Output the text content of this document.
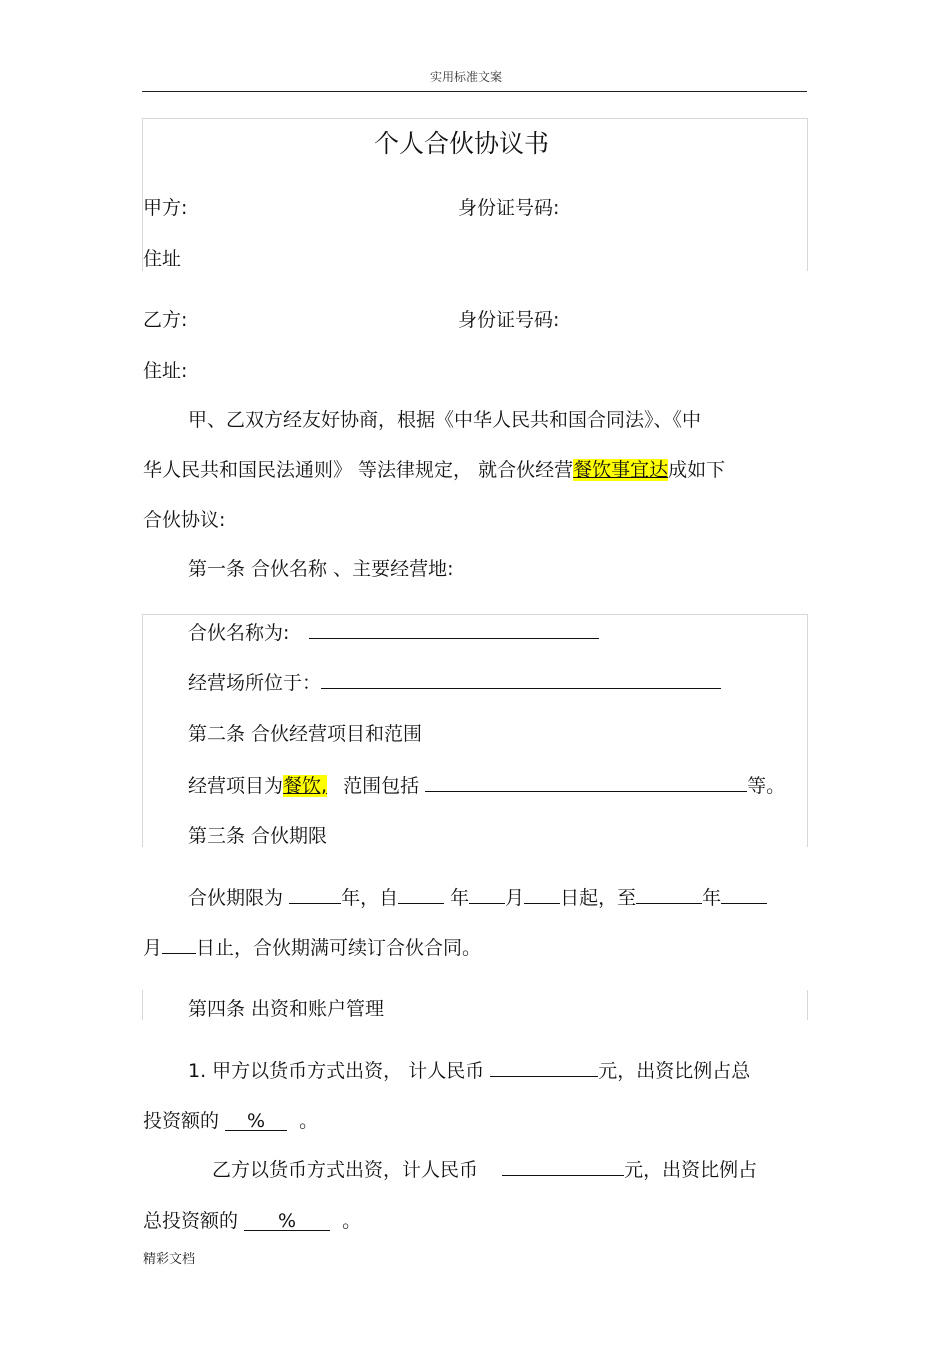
实用标准文案
个人合伙协议书
甲方:	身份证号码:
住址
乙方:	身份证号码:
住址:
甲、乙双方经友好协商，根据《中华人民共和国合同法》、《中
华人民共和国民法通则》 等法律规定， 就合伙经营餐饮事宜达成如下
合伙协议:
第一条 合伙名称 、主要经营地:
合伙名称为:
经营场所位于：
第二条 合伙经营项目和范围
经营项目为餐饮, 范围包括	等。
第三条 合伙期限
合伙期限为	年，自	年 月 日起，至	年
月 日止，合伙期满可续订合伙合同。
第四条 出资和账户管理
1. 甲方以货币方式出资， 计人民币	元，出资比例占总
投资额的 % 。
乙方以货币方式出资，计人民币	元，出资比例占
总投资额的 % 。
精彩文档
